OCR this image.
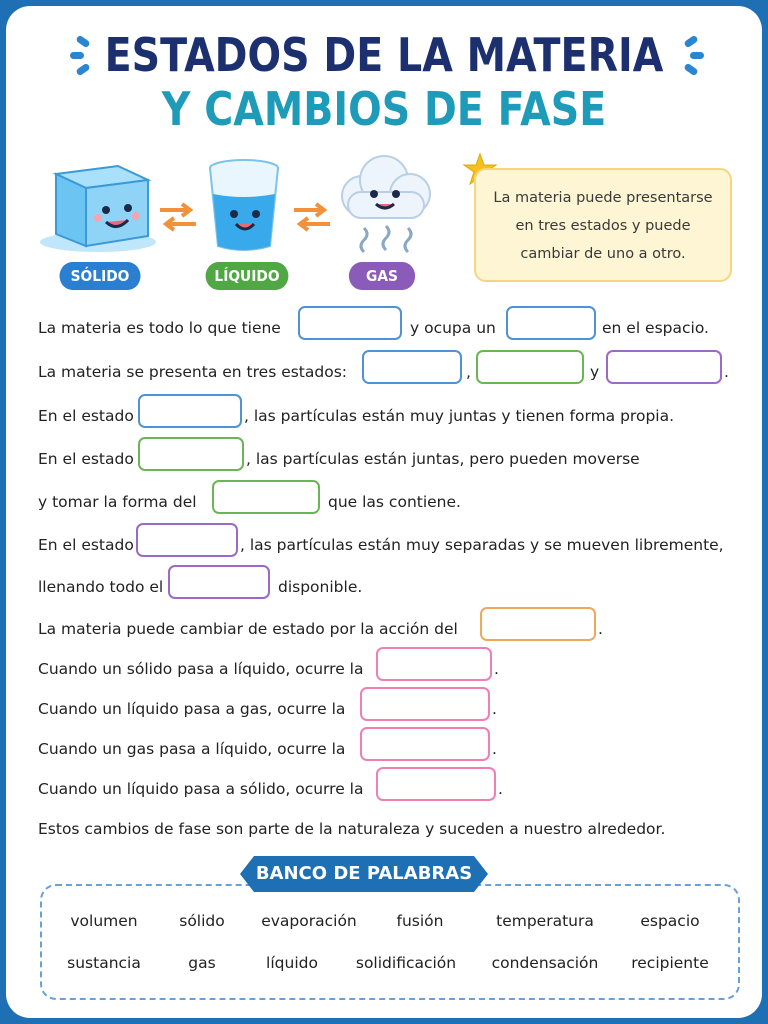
ESTADOS DE LA MATERIA
Y CAMBIOS DE FASE
SÓLIDO	LÍQUIDO	GAS
La materia puede presentarse
en tres estados y puede
cambiar de uno a otro.
La materia es todo lo que tiene	y ocupa un	en el espacio.
La materia se presenta en tres estados:	,	y	.
En el estado	, las partículas están muy juntas y tienen forma propia.
En el estado	, las partículas están juntas, pero pueden moverse
y tomar la forma del	que las contiene.
En el estado	, las partículas están muy separadas y se mueven libremente,
llenando todo el	disponible.
La materia puede cambiar de estado por la acción del	.
Cuando un sólido pasa a líquido, ocurre la	.
Cuando un líquido pasa a gas, ocurre la	.
Cuando un gas pasa a líquido, ocurre la	.
Cuando un líquido pasa a sólido, ocurre la	.
Estos cambios de fase son parte de la naturaleza y suceden a nuestro alrededor.
BANCO DE PALABRAS
volumen	sólido	evaporación	fusión	temperatura	espacio
sustancia	gas	líquido	solidificación	condensación	recipiente
